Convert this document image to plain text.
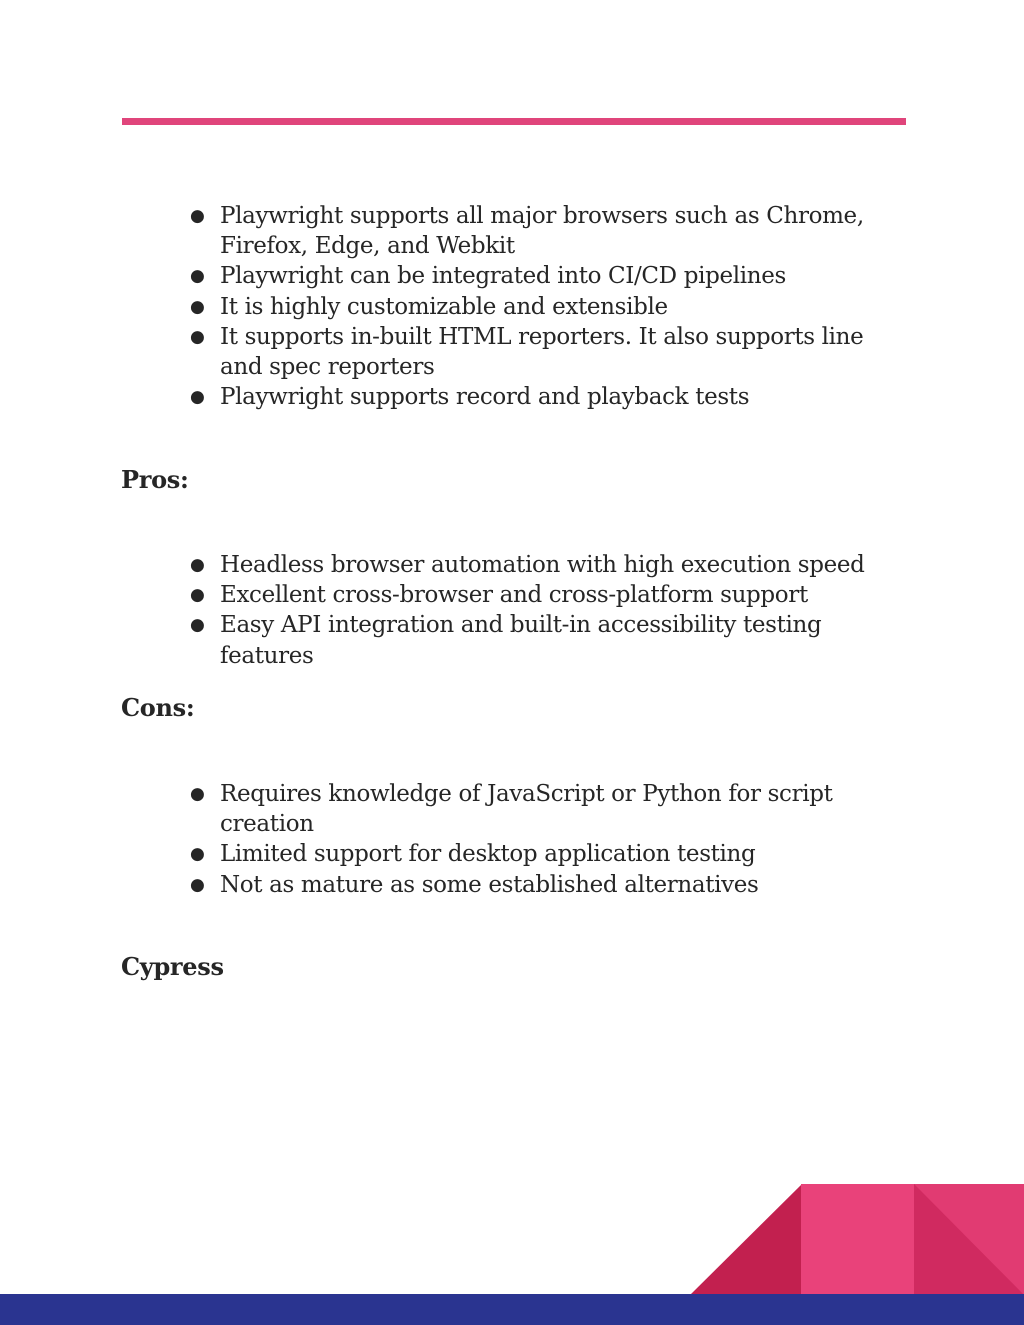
● Playwright supports all major browsers such as Chrome, Firefox, Edge, and Webkit
● Playwright can be integrated into CI/CD pipelines
● It is highly customizable and extensible
● It supports in-built HTML reporters. It also supports line and spec reporters
● Playwright supports record and playback tests
Pros:
● Headless browser automation with high execution speed
● Excellent cross-browser and cross-platform support
● Easy API integration and built-in accessibility testing features
Cons:
● Requires knowledge of JavaScript or Python for script creation
● Limited support for desktop application testing
● Not as mature as some established alternatives
Cypress
